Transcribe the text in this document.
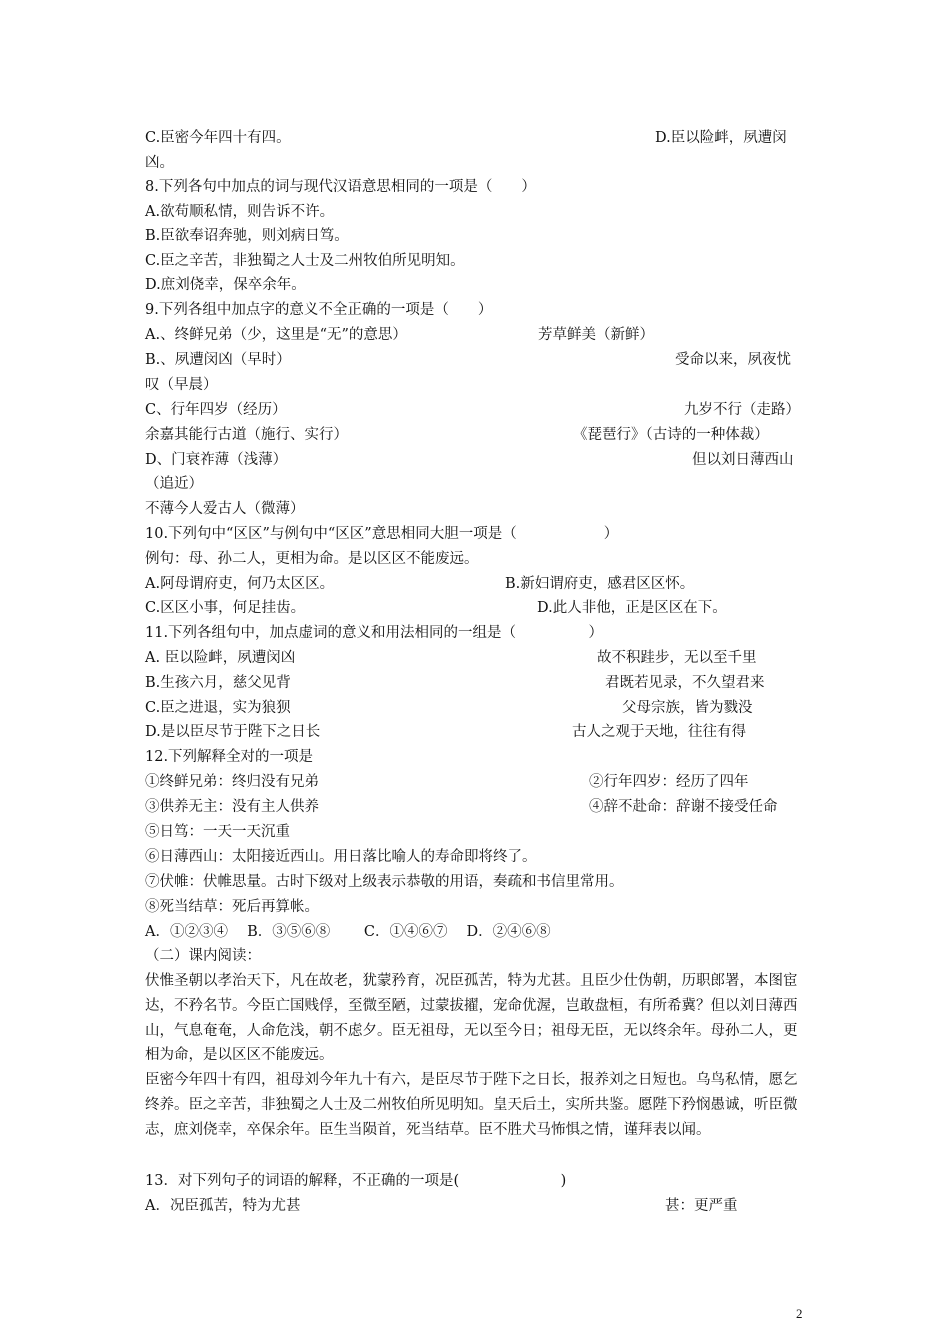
C.臣密今年四十有四。	D.臣以险衅，夙遭闵
凶。
8.下列各句中加点的词与现代汉语意思相同的一项是（　　）
A.欲苟顺私情，则告诉不许。
B.臣欲奉诏奔驰，则刘病日笃。
C.臣之辛苦，非独蜀之人士及二州牧伯所见明知。
D.庶刘侥幸，保卒余年。
9.下列各组中加点字的意义不全正确的一项是（　　）
A.、终鲜兄弟（少，这里是“无”的意思）	芳草鲜美（新鲜）
B.、夙遭闵凶（早时）	受命以来，夙夜忧
叹（早晨）
C、行年四岁（经历）	九岁不行（走路）
余嘉其能行古道（施行、实行）	《琵琶行》（古诗的一种体裁）
D、门衰祚薄（浅薄）	但以刘日薄西山
（追近）
不薄今人爱古人（微薄）
10.下列句中“区区”与例句中“区区”意思相同大胆一项是（　　　　　　）
例句：母、孙二人，更相为命。是以区区不能废远。
A.阿母谓府吏，何乃太区区。	B.新妇谓府吏，感君区区怀。
C.区区小事，何足挂齿。	D.此人非他，正是区区在下。
11.下列各组句中，加点虚词的意义和用法相同的一组是（　　　　　）
A. 臣以险衅，夙遭闵凶	故不积跬步，无以至千里
B.生孩六月，慈父见背	君既若见录，不久望君来
C.臣之进退，实为狼狈	父母宗族，皆为戮没
D.是以臣尽节于陛下之日长	古人之观于天地，往往有得
12.下列解释全对的一项是
①终鲜兄弟：终归没有兄弟	②行年四岁：经历了四年
③供养无主：没有主人供养	④辞不赴命：辞谢不接受任命
⑤日笃：一天一天沉重
⑥日薄西山：太阳接近西山。用日落比喻人的寿命即将终了。
⑦伏帷：伏帷思量。古时下级对上级表示恭敬的用语，奏疏和书信里常用。
⑧死当结草：死后再算帐。
A．①②③④　 B．③⑤⑥⑧　　 C．①④⑥⑦　 D．②④⑥⑧
（二）课内阅读：
伏惟圣朝以孝治天下，凡在故老，犹蒙矜育，况臣孤苦，特为尤甚。且臣少仕伪朝，历职郎署，本图宦达，不矜名节。今臣亡国贱俘，至微至陋，过蒙拔擢，宠命优渥，岂敢盘桓，有所希冀？但以刘日薄西山，气息奄奄，人命危浅，朝不虑夕。臣无祖母，无以至今日；祖母无臣，无以终余年。母孙二人，更相为命，是以区区不能废远。
臣密今年四十有四，祖母刘今年九十有六，是臣尽节于陛下之日长，报养刘之日短也。乌鸟私情，愿乞终养。臣之辛苦，非独蜀之人士及二州牧伯所见明知。皇天后土，实所共鉴。愿陛下矜悯愚诚，听臣微志，庶刘侥幸，卒保余年。臣生当陨首，死当结草。臣不胜犬马怖惧之情，谨拜表以闻。
13．对下列句子的词语的解释，不正确的一项是(　　　　　　　)
A．况臣孤苦，特为尤甚	甚：更严重
2
